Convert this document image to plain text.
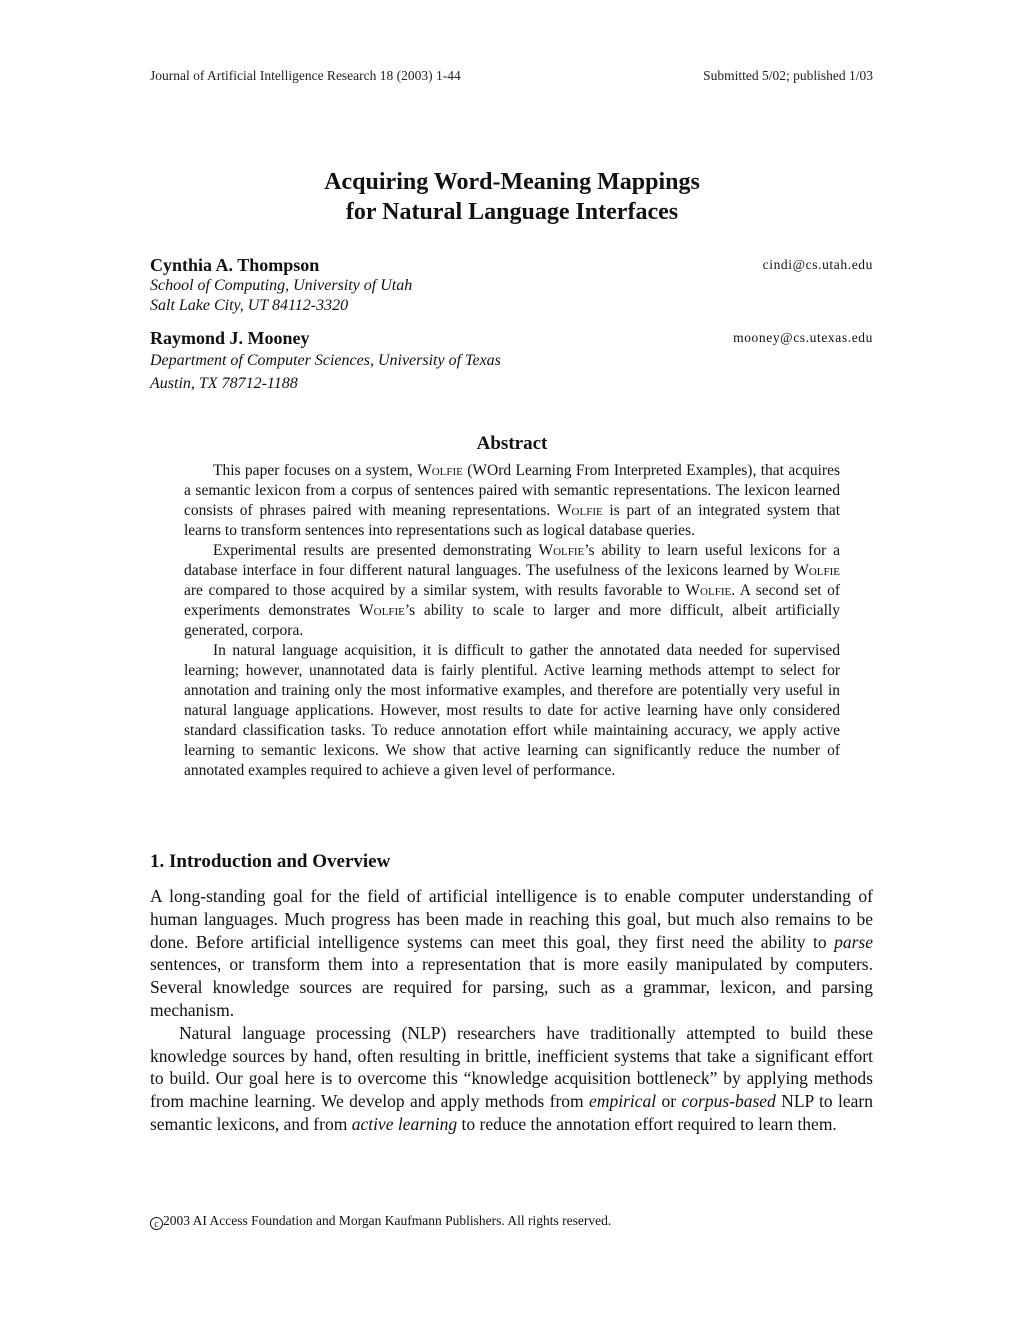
Journal of Artificial Intelligence Research 18 (2003) 1-44	Submitted 5/02; published 1/03
Acquiring Word-Meaning Mappings
for Natural Language Interfaces
Cynthia A. Thompson	cindi@cs.utah.edu
School of Computing, University of Utah
Salt Lake City, UT 84112-3320
Raymond J. Mooney	mooney@cs.utexas.edu
Department of Computer Sciences, University of Texas
Austin, TX 78712-1188
Abstract

This paper focuses on a system, Wolfie (WOrd Learning From Interpreted Examples), that acquires a semantic lexicon from a corpus of sentences paired with semantic representations. The lexicon learned consists of phrases paired with meaning representations. Wolfie is part of an integrated system that learns to transform sentences into representations such as logical database queries.

Experimental results are presented demonstrating Wolfie’s ability to learn useful lexicons for a database interface in four different natural languages. The usefulness of the lexicons learned by Wolfie are compared to those acquired by a similar system, with results favorable to Wolfie. A second set of experiments demonstrates Wolfie’s ability to scale to larger and more difficult, albeit artificially generated, corpora.

In natural language acquisition, it is difficult to gather the annotated data needed for supervised learning; however, unannotated data is fairly plentiful. Active learning methods attempt to select for annotation and training only the most informative examples, and therefore are potentially very useful in natural language applications. However, most results to date for active learning have only considered standard classification tasks. To reduce annotation effort while maintaining accuracy, we apply active learning to semantic lexicons. We show that active learning can significantly reduce the number of annotated examples required to achieve a given level of performance.

1. Introduction and Overview

A long-standing goal for the field of artificial intelligence is to enable computer understanding of human languages. Much progress has been made in reaching this goal, but much also remains to be done. Before artificial intelligence systems can meet this goal, they first need the ability to parse sentences, or transform them into a representation that is more easily manipulated by computers. Several knowledge sources are required for parsing, such as a grammar, lexicon, and parsing mechanism.

Natural language processing (NLP) researchers have traditionally attempted to build these knowledge sources by hand, often resulting in brittle, inefficient systems that take a significant effort to build. Our goal here is to overcome this “knowledge acquisition bottleneck” by applying methods from machine learning. We develop and apply methods from empirical or corpus-based NLP to learn semantic lexicons, and from active learning to reduce the annotation effort required to learn them.

c 2003 AI Access Foundation and Morgan Kaufmann Publishers. All rights reserved.
